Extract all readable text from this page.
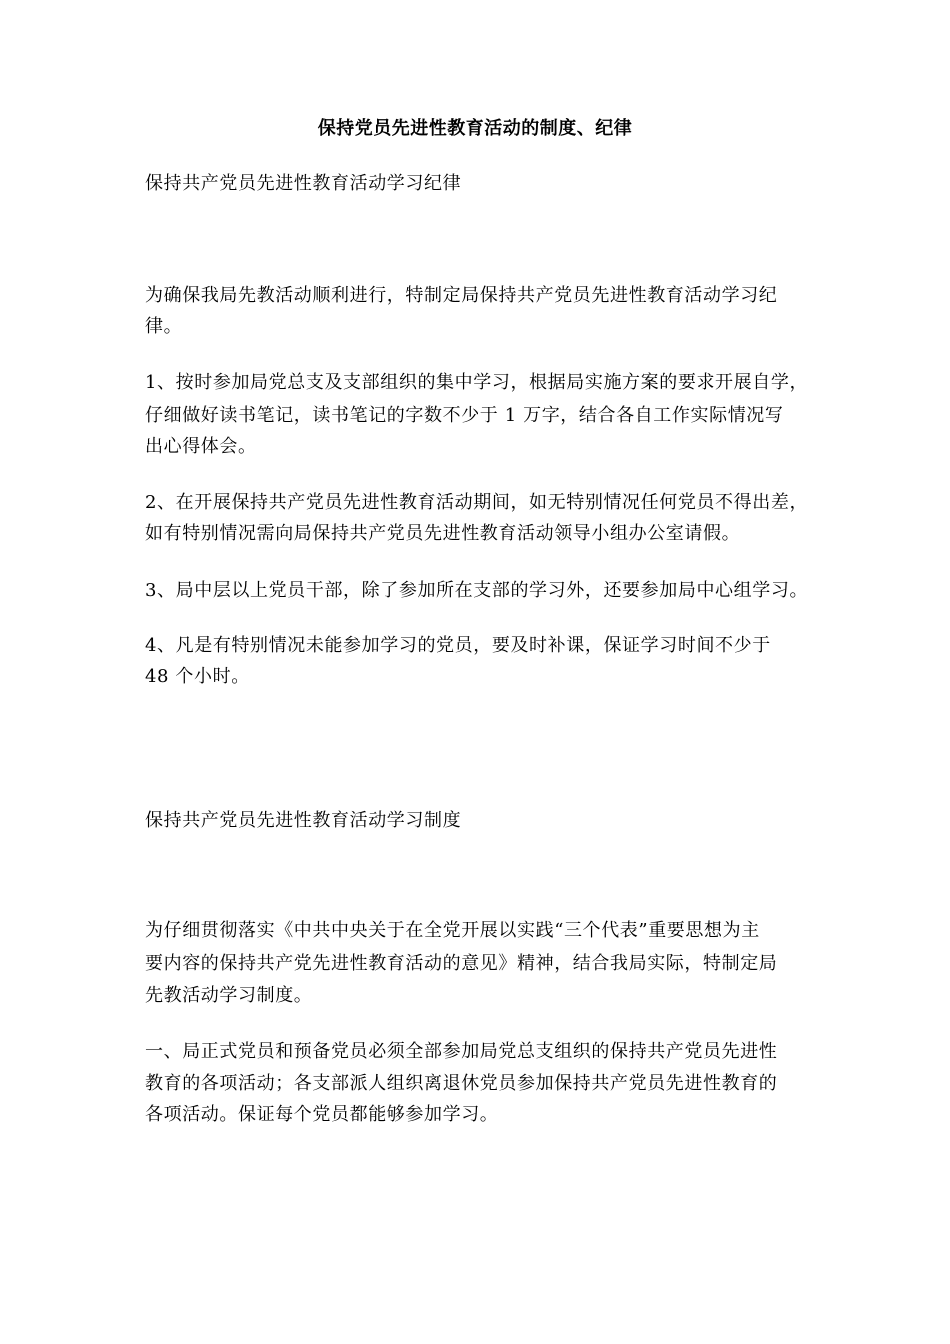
保持党员先进性教育活动的制度、纪律
保持共产党员先进性教育活动学习纪律
为确保我局先教活动顺利进行，特制定局保持共产党员先进性教育活动学习纪
律。
1、按时参加局党总支及支部组织的集中学习，根据局实施方案的要求开展自学，
仔细做好读书笔记，读书笔记的字数不少于 1 万字，结合各自工作实际情况写
出心得体会。
2、在开展保持共产党员先进性教育活动期间，如无特别情况任何党员不得出差，
如有特别情况需向局保持共产党员先进性教育活动领导小组办公室请假。
3、局中层以上党员干部，除了参加所在支部的学习外，还要参加局中心组学习。
4、凡是有特别情况未能参加学习的党员，要及时补课，保证学习时间不少于
48 个小时。
保持共产党员先进性教育活动学习制度
为仔细贯彻落实《中共中央关于在全党开展以实践“三个代表”重要思想为主
要内容的保持共产党先进性教育活动的意见》精神，结合我局实际，特制定局
先教活动学习制度。
一、局正式党员和预备党员必须全部参加局党总支组织的保持共产党员先进性
教育的各项活动；各支部派人组织离退休党员参加保持共产党员先进性教育的
各项活动。保证每个党员都能够参加学习。
